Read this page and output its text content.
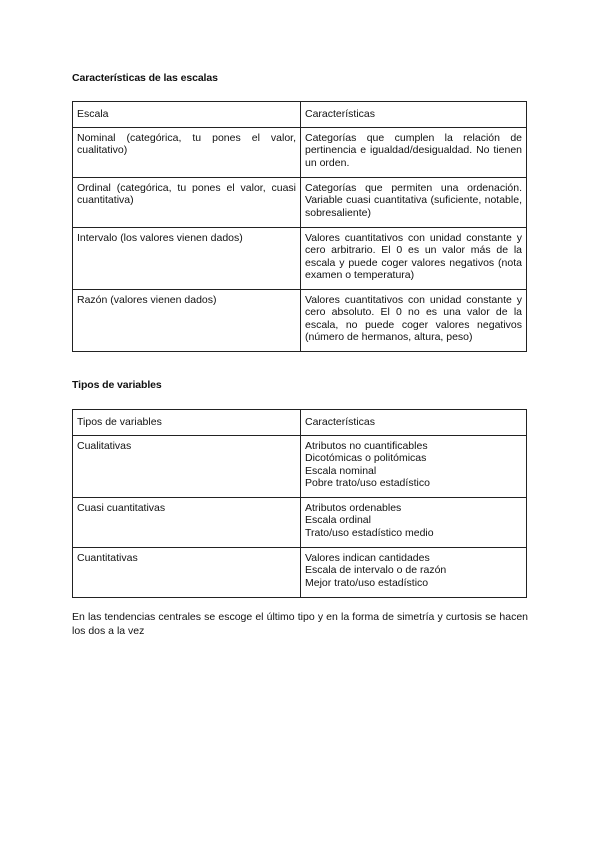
Características de las escalas
Escala	Características
Nominal (categórica, tu pones el valor, cualitativo)	Categorías que cumplen la relación de pertinencia e igualdad/desigualdad. No tienen un orden.
Ordinal (categórica, tu pones el valor, cuasi cuantitativa)	Categorías que permiten una ordenación. Variable cuasi cuantitativa (suficiente, notable, sobresaliente)
Intervalo (los valores vienen dados)	Valores cuantitativos con unidad constante y cero arbitrario. El 0 es un valor más de la escala y puede coger valores negativos (nota examen o temperatura)
Razón (valores vienen dados)	Valores cuantitativos con unidad constante y cero absoluto. El 0 no es una valor de la escala, no puede coger valores negativos (número de hermanos, altura, peso)
Tipos de variables
Tipos de variables	Características
Cualitativas	Atributos no cuantificables
Dicotómicas o politómicas
Escala nominal
Pobre trato/uso estadístico

Cuasi cuantitativas	Atributos ordenables
Escala ordinal
Trato/uso estadístico medio

Cuantitativas	Valores indican cantidades
Escala de intervalo o de razón
Mejor trato/uso estadístico
En las tendencias centrales se escoge el último tipo y en la forma de simetría y curtosis se hacen los dos a la vez
